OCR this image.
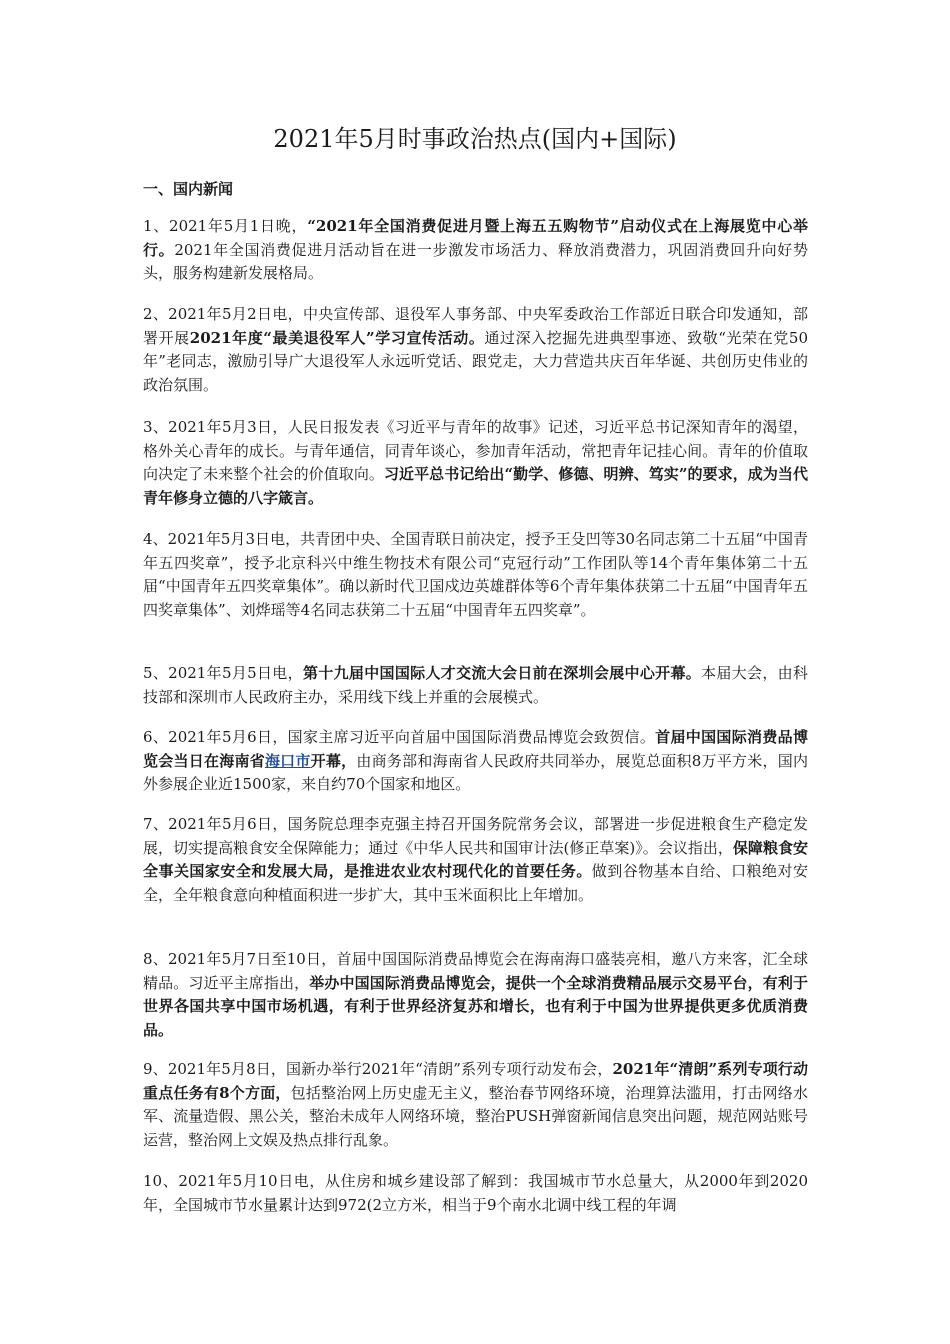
2021年5月时事政治热点(国内+国际)
一、国内新闻

1、2021年5月1日晚，“2021年全国消费促进月暨上海五五购物节”启动仪式在上海展览中心举行。2021年全国消费促进月活动旨在进一步激发市场活力、释放消费潜力，巩固消费回升向好势头，服务构建新发展格局。

2、2021年5月2日电，中央宣传部、退役军人事务部、中央军委政治工作部近日联合印发通知，部署开展2021年度“最美退役军人”学习宣传活动。通过深入挖掘先进典型事迹、致敬“光荣在党50年”老同志，激励引导广大退役军人永远听党话、跟党走，大力营造共庆百年华诞、共创历史伟业的政治氛围。

3、2021年5月3日，人民日报发表《习近平与青年的故事》记述，习近平总书记深知青年的渴望，格外关心青年的成长。与青年通信，同青年谈心，参加青年活动，常把青年记挂心间。青年的价值取向决定了未来整个社会的价值取向。习近平总书记给出“勤学、修德、明辨、笃实”的要求，成为当代青年修身立德的八字箴言。

4、2021年5月3日电，共青团中央、全国青联日前决定，授予王殳凹等30名同志第二十五届“中国青年五四奖章”，授予北京科兴中维生物技术有限公司“克冠行动”工作团队等14个青年集体第二十五届“中国青年五四奖章集体”。确以新时代卫国戍边英雄群体等6个青年集体获第二十五届“中国青年五四奖章集体”、刘烨瑶等4名同志获第二十五届“中国青年五四奖章”。

5、2021年5月5日电，第十九届中国国际人才交流大会日前在深圳会展中心开幕。本届大会，由科技部和深圳市人民政府主办，采用线下线上并重的会展模式。

6、2021年5月6日，国家主席习近平向首届中国国际消费品博览会致贺信。首届中国国际消费品博览会当日在海南省海口市开幕，由商务部和海南省人民政府共同举办，展览总面积8万平方米，国内外参展企业近1500家，来自约70个国家和地区。

7、2021年5月6日，国务院总理李克强主持召开国务院常务会议，部署进一步促进粮食生产稳定发展，切实提高粮食安全保障能力；通过《中华人民共和国审计法(修正草案)》。会议指出，保障粮食安全事关国家安全和发展大局，是推进农业农村现代化的首要任务。做到谷物基本自给、口粮绝对安全，全年粮食意向种植面积进一步扩大，其中玉米面积比上年增加。

8、2021年5月7日至10日，首届中国国际消费品博览会在海南海口盛装亮相，邀八方来客，汇全球精品。习近平主席指出，举办中国国际消费品博览会，提供一个全球消费精品展示交易平台，有利于世界各国共享中国市场机遇，有利于世界经济复苏和增长，也有利于中国为世界提供更多优质消费品。

9、2021年5月8日，国新办举行2021年“清朗”系列专项行动发布会，2021年“清朗”系列专项行动重点任务有8个方面，包括整治网上历史虚无主义，整治春节网络环境，治理算法滥用，打击网络水军、流量造假、黑公关，整治未成年人网络环境，整治PUSH弹窗新闻信息突出问题，规范网站账号运营，整治网上文娱及热点排行乱象。

10、2021年5月10日电，从住房和城乡建设部了解到：我国城市节水总量大，从2000年到2020年，全国城市节水量累计达到972(2立方米，相当于9个南水北调中线工程的年调
